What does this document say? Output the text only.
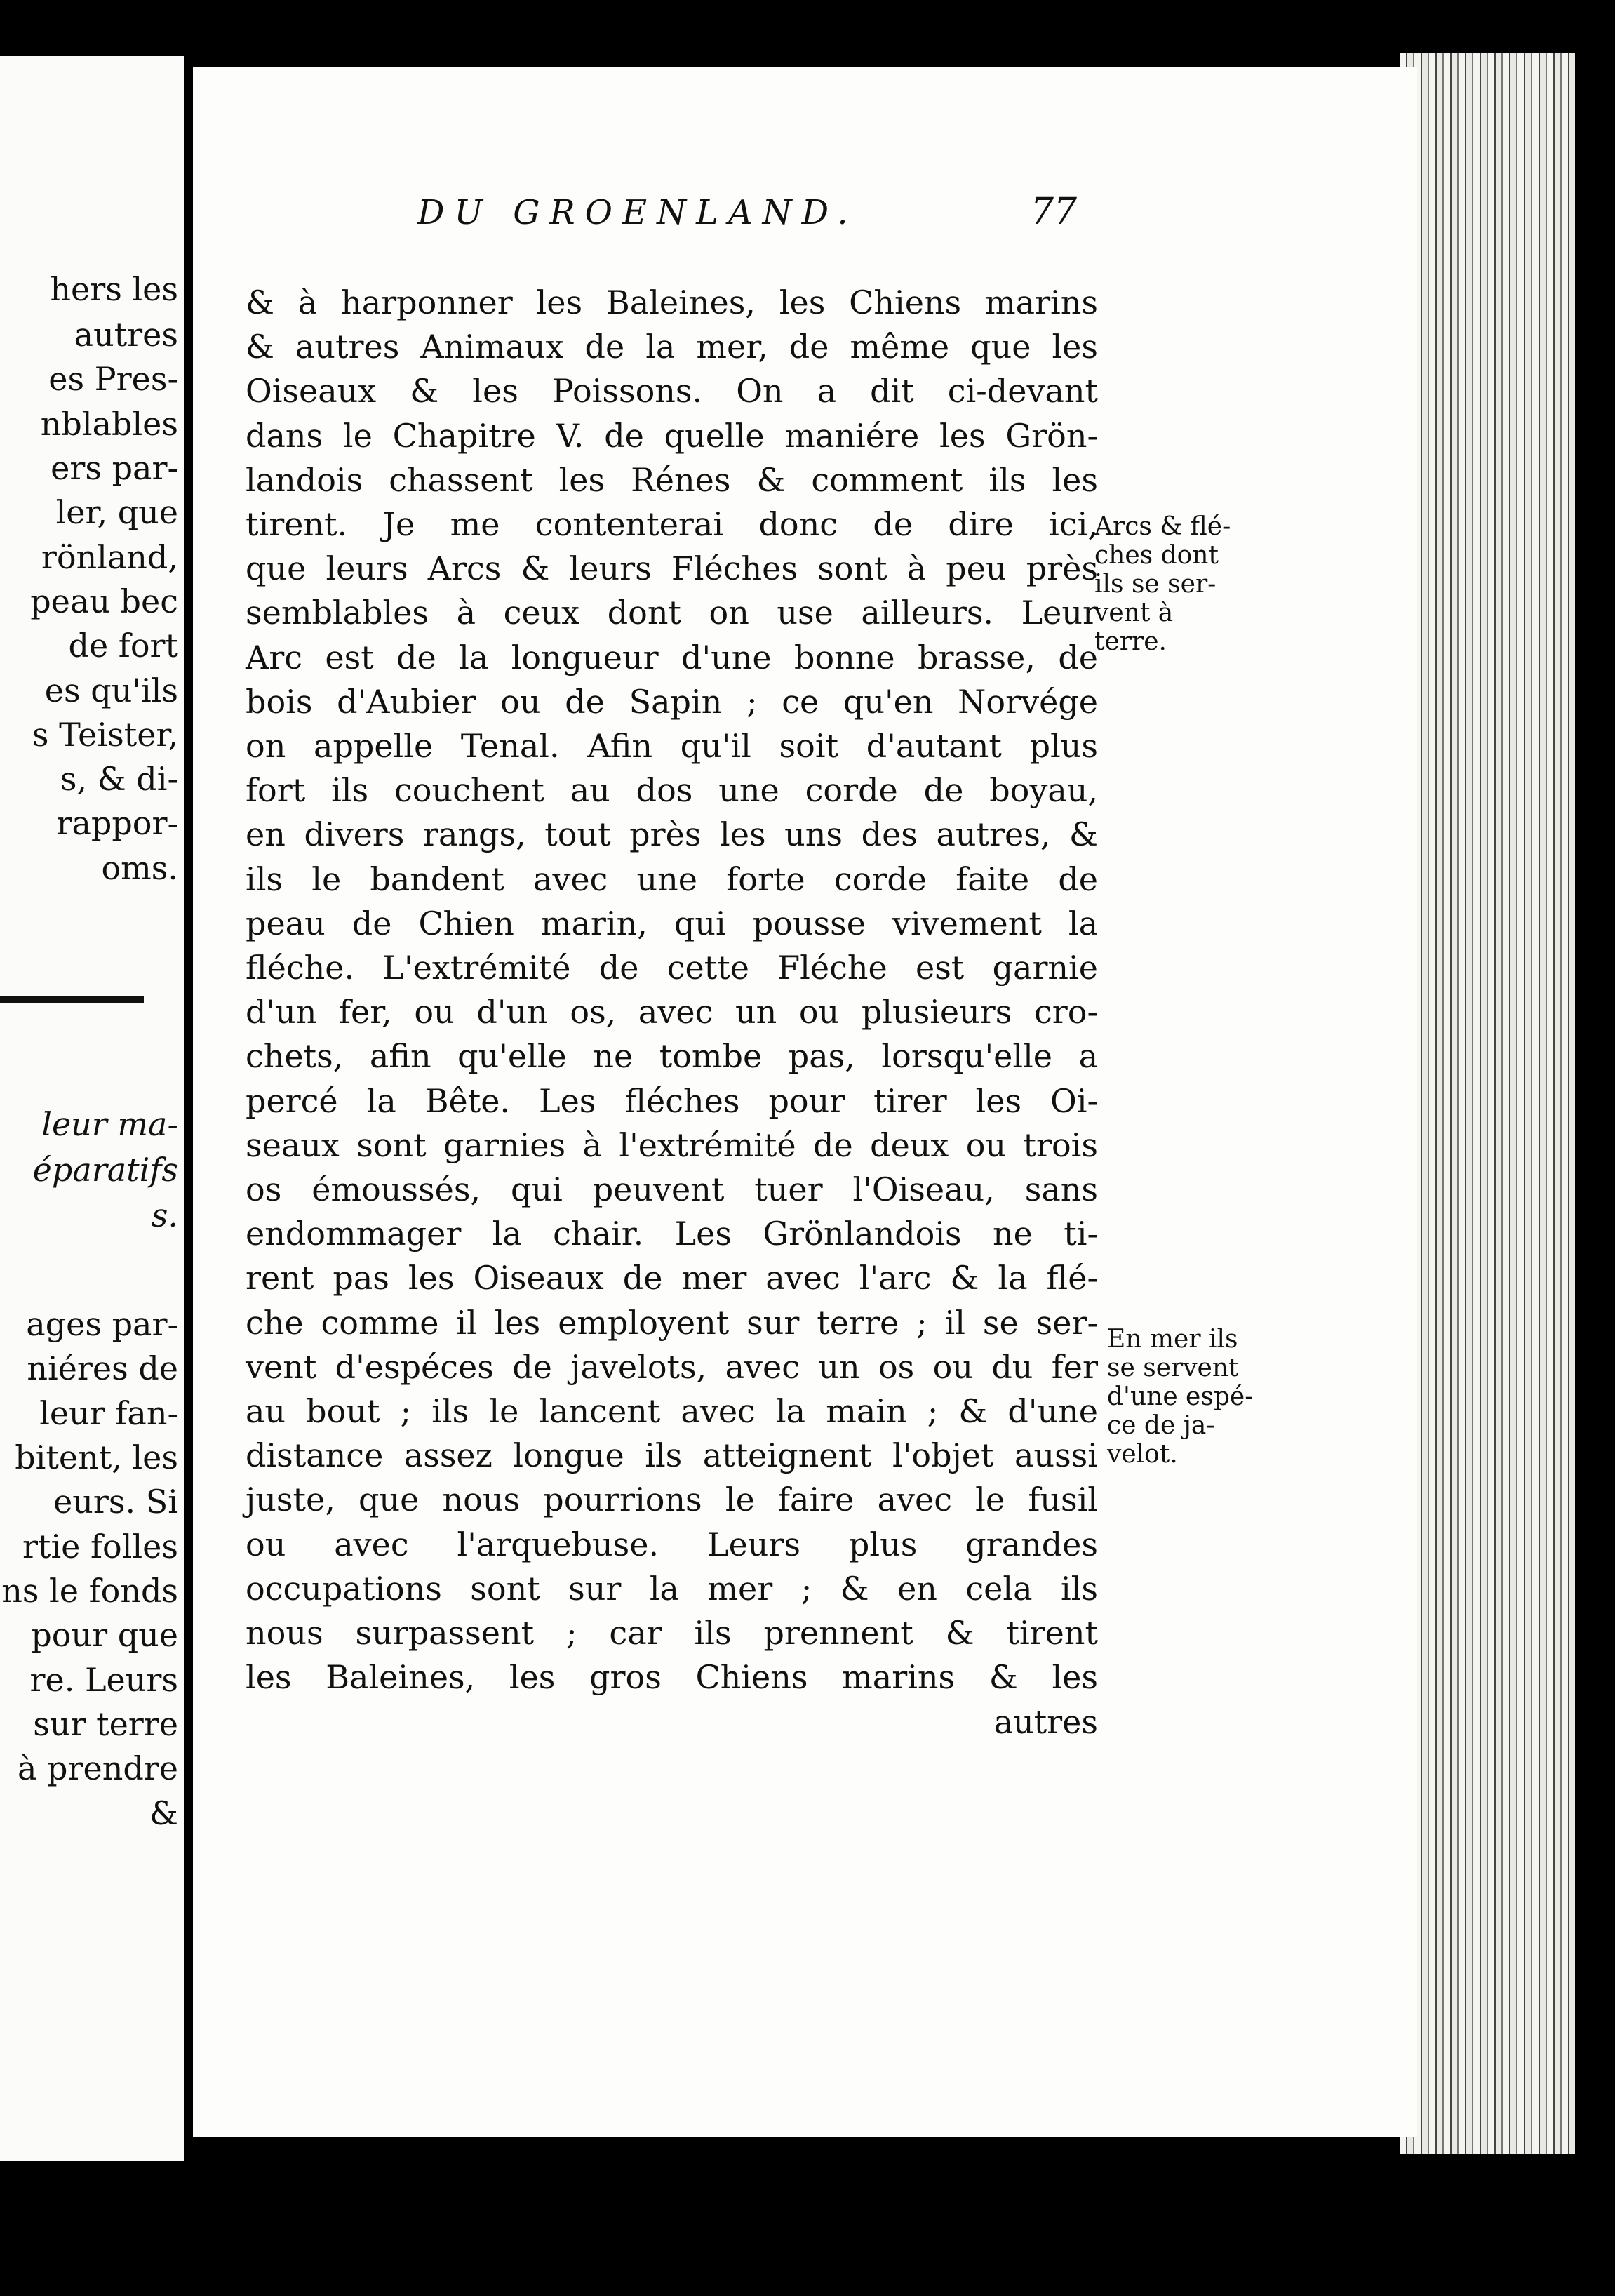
hers les
autres
es Pres-
nblables
ers par-
ler, que
rönland,
peau bec
de fort
es qu'ils
s Teister,
s, & di-
rappor-
oms.
leur ma-
éparatifs
s.
ages par-
niéres de
leur fan-
bitent, les
eurs. Si
rtie folles
ns le fonds
pour que
re. Leurs
sur terre
à prendre
&
DU GROENLAND.	77
& à harponner les Baleines, les Chiens marins
& autres Animaux de la mer, de même que les
Oiseaux & les Poissons. On a dit ci-devant
dans le Chapitre V. de quelle maniére les Grön-
landois chassent les Rénes & comment ils les
tirent. Je me contenterai donc de dire ici,
que leurs Arcs & leurs Fléches sont à peu près
semblables à ceux dont on use ailleurs. Leur
Arc est de la longueur d'une bonne brasse, de
bois d'Aubier ou de Sapin ; ce qu'en Norvége
on appelle Tenal. Afin qu'il soit d'autant plus
fort ils couchent au dos une corde de boyau,
en divers rangs, tout près les uns des autres, &
ils le bandent avec une forte corde faite de
peau de Chien marin, qui pousse vivement la
fléche. L'extrémité de cette Fléche est garnie
d'un fer, ou d'un os, avec un ou plusieurs cro-
chets, afin qu'elle ne tombe pas, lorsqu'elle a
percé la Bête. Les fléches pour tirer les Oi-
seaux sont garnies à l'extrémité de deux ou trois
os émoussés, qui peuvent tuer l'Oiseau, sans
endommager la chair. Les Grönlandois ne ti-
rent pas les Oiseaux de mer avec l'arc & la flé-
che comme il les employent sur terre ; il se ser-
vent d'espéces de javelots, avec un os ou du fer
au bout ; ils le lancent avec la main ; & d'une
distance assez longue ils atteignent l'objet aussi
juste, que nous pourrions le faire avec le fusil
ou avec l'arquebuse. Leurs plus grandes
occupations sont sur la mer ; & en cela ils
nous surpassent ; car ils prennent & tirent
les Baleines, les gros Chiens marins & les
autres
Arcs & flé-
ches dont
ils se ser-
vent à
terre.
En mer ils
se servent
d'une espé-
ce de ja-
velot.
